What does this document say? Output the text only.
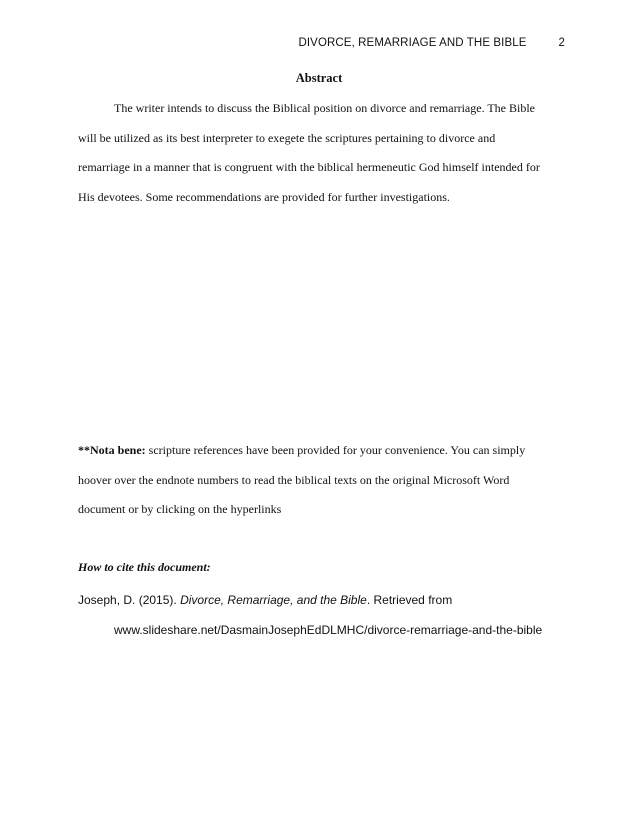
DIVORCE, REMARRIAGE AND THE BIBLE	2
Abstract

The writer intends to discuss the Biblical position on divorce and remarriage. The Bible
will be utilized as its best interpreter to exegete the scriptures pertaining to divorce and
remarriage in a manner that is congruent with the biblical hermeneutic God himself intended for
His devotees. Some recommendations are provided for further investigations.

**Nota bene: scripture references have been provided for your convenience. You can simply
hoover over the endnote numbers to read the biblical texts on the original Microsoft Word
document or by clicking on the hyperlinks

How to cite this document:
Joseph, D. (2015). Divorce, Remarriage, and the Bible. Retrieved from
www.slideshare.net/DasmainJosephEdDLMHC/divorce-remarriage-and-the-bible
